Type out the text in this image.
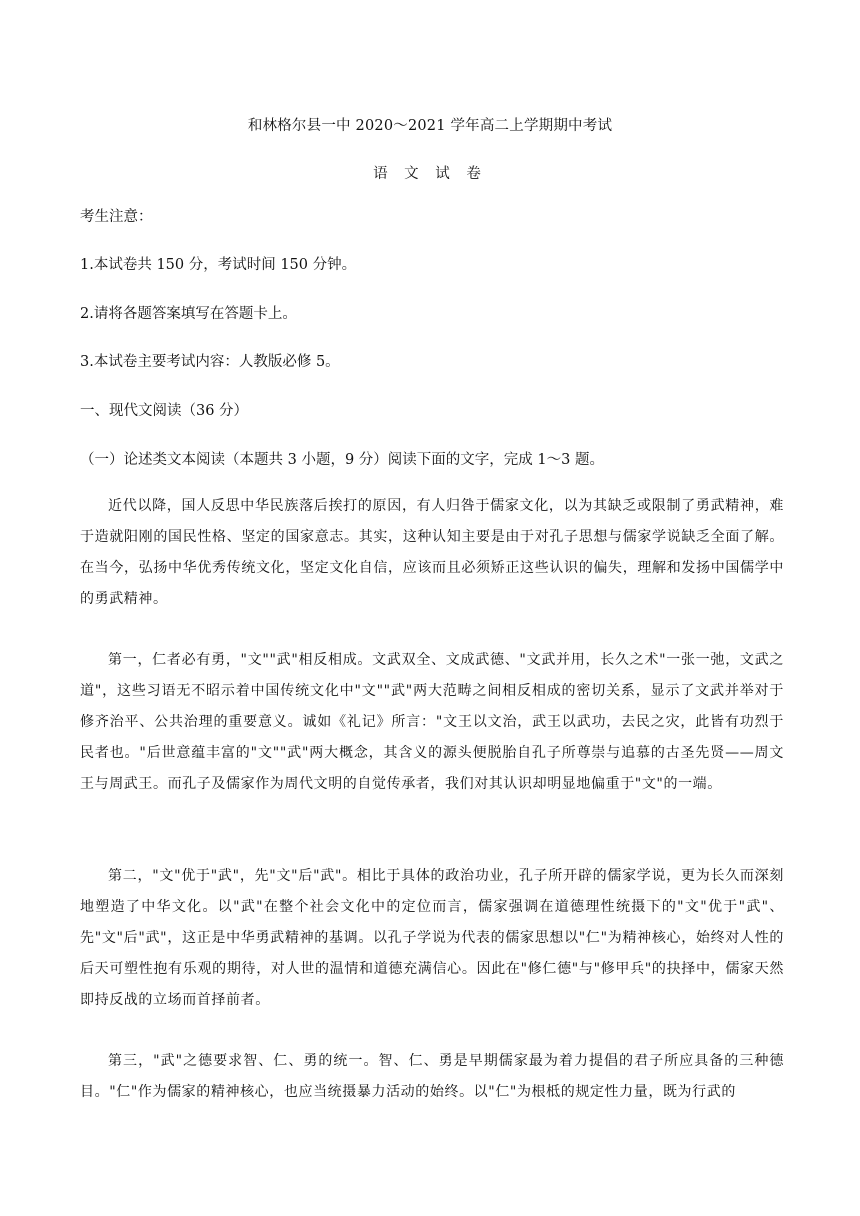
和林格尔县一中 2020～2021 学年高二上学期期中考试
语 文 试 卷
考生注意：
1.本试卷共 150 分，考试时间 150 分钟。
2.请将各题答案填写在答题卡上。
3.本试卷主要考试内容：人教版必修 5。
一、现代文阅读（36 分）
（一）论述类文本阅读（本题共 3 小题，9 分）阅读下面的文字，完成 1～3 题。
近代以降，国人反思中华民族落后挨打的原因，有人归咎于儒家文化，以为其缺乏或限制了勇武精神，难于造就阳刚的国民性格、坚定的国家意志。其实，这种认知主要是由于对孔子思想与儒家学说缺乏全面了解。在当今，弘扬中华优秀传统文化，坚定文化自信，应该而且必须矫正这些认识的偏失，理解和发扬中国儒学中的勇武精神。
第一，仁者必有勇，"文""武"相反相成。文武双全、文成武德、"文武并用，长久之术"一张一弛，文武之道"，这些习语无不昭示着中国传统文化中"文""武"两大范畴之间相反相成的密切关系，显示了文武并举对于修齐治平、公共治理的重要意义。诚如《礼记》所言："文王以文治，武王以武功，去民之灾，此皆有功烈于民者也。"后世意蕴丰富的"文""武"两大概念，其含义的源头便脱胎自孔子所尊崇与追慕的古圣先贤——周文王与周武王。而孔子及儒家作为周代文明的自觉传承者，我们对其认识却明显地偏重于"文"的一端。
第二，"文"优于"武"，先"文"后"武"。相比于具体的政治功业，孔子所开辟的儒家学说，更为长久而深刻地塑造了中华文化。以"武"在整个社会文化中的定位而言，儒家强调在道德理性统摄下的"文"优于"武"、先"文"后"武"，这正是中华勇武精神的基调。以孔子学说为代表的儒家思想以"仁"为精神核心，始终对人性的后天可塑性抱有乐观的期待，对人世的温情和道德充满信心。因此在"修仁德"与"修甲兵"的抉择中，儒家天然即持反战的立场而首择前者。
第三，"武"之德要求智、仁、勇的统一。智、仁、勇是早期儒家最为着力提倡的君子所应具备的三种德目。"仁"作为儒家的精神核心，也应当统摄暴力活动的始终。以"仁"为根柢的规定性力量，既为行武的
